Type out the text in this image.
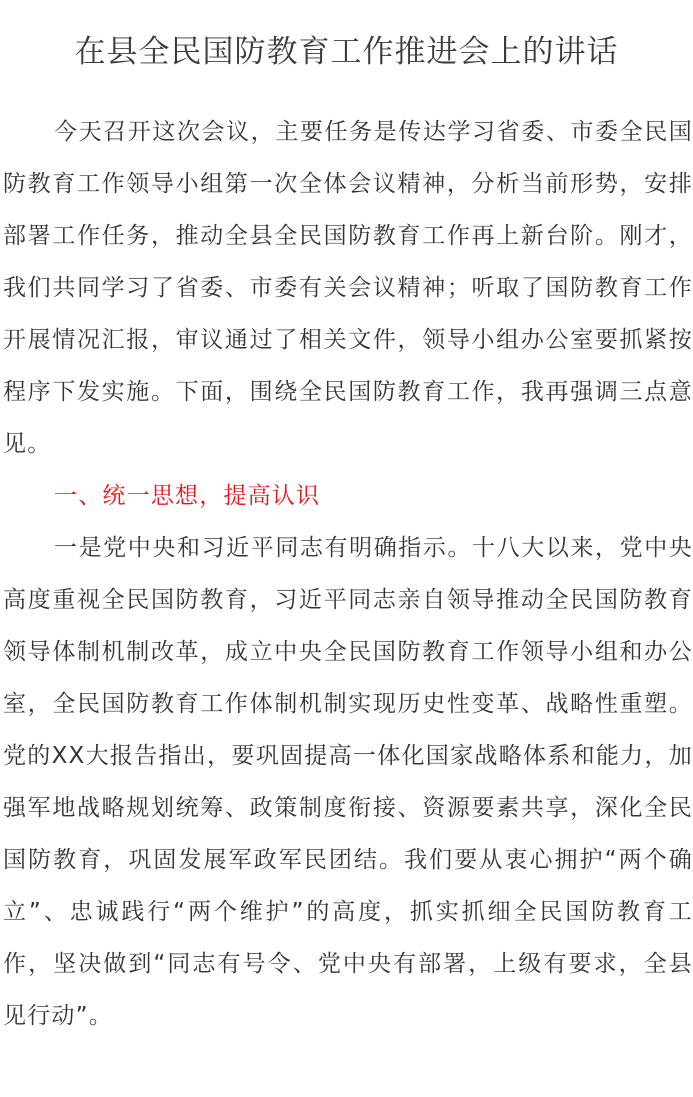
在县全民国防教育工作推进会上的讲话

今天召开这次会议，主要任务是传达学习省委、市委全民国防教育工作领导小组第一次全体会议精神，分析当前形势，安排部署工作任务，推动全县全民国防教育工作再上新台阶。刚才，我们共同学习了省委、市委有关会议精神；听取了国防教育工作开展情况汇报，审议通过了相关文件，领导小组办公室要抓紧按程序下发实施。下面，围绕全民国防教育工作，我再强调三点意见。

一、统一思想，提高认识

一是党中央和习近平同志有明确指示。十八大以来，党中央高度重视全民国防教育，习近平同志亲自领导推动全民国防教育领导体制机制改革，成立中央全民国防教育工作领导小组和办公室，全民国防教育工作体制机制实现历史性变革、战略性重塑。党的XX大报告指出，要巩固提高一体化国家战略体系和能力，加强军地战略规划统筹、政策制度衔接、资源要素共享，深化全民国防教育，巩固发展军政军民团结。我们要从衷心拥护“两个确立”、忠诚践行“两个维护”的高度，抓实抓细全民国防教育工作，坚决做到“同志有号令、党中央有部署，上级有要求，全县见行动”。
